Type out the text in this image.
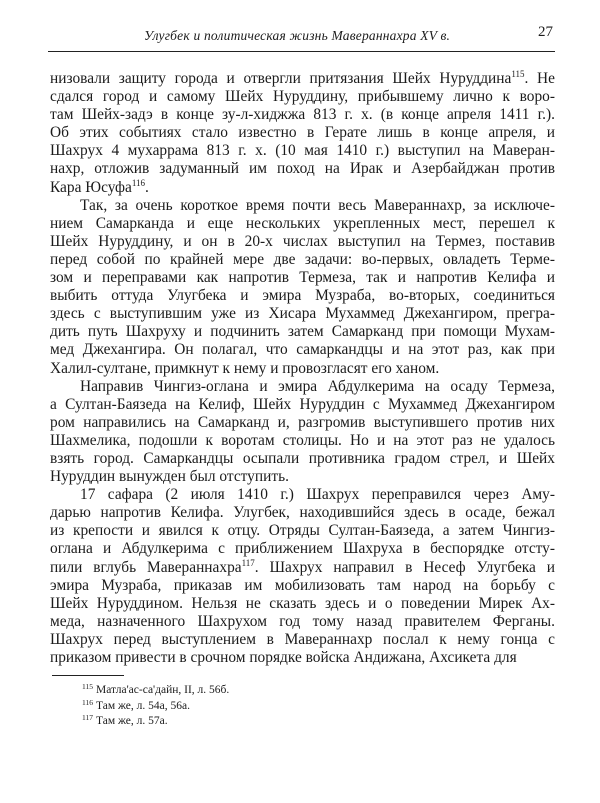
Улугбек и политическая жизнь Мавераннахра XV в.	27
низовали защиту города и отвергли притязания Шейх Нуруддина$^{115}$. Не
сдался город и самому Шейх Нуруддину, прибывшему лично к воро-
там Шейх-задэ в конце зу-л-хиджжа 813 г. х. (в конце апреля 1411 г.).
Об этих событиях стало известно в Герате лишь в конце апреля, и
Шахрух 4 мухаррама 813 г. х. (10 мая 1410 г.) выступил на Маверан-
нахр, отложив задуманный им поход на Ирак и Азербайджан против
Кара Юсуфа$^{116}$.
Так, за очень короткое время почти весь Мавераннахр, за исключе-
нием Самарканда и еще нескольких укрепленных мест, перешел к
Шейх Нуруддину, и он в 20-х числах выступил на Термез, поставив
перед собой по крайней мере две задачи: во-первых, овладеть Терме-
зом и переправами как напротив Термеза, так и напротив Келифа и
выбить оттуда Улугбека и эмира Музраба, во-вторых, соединиться
здесь с выступившим уже из Хисара Мухаммед Джехангиром, прегра-
дить путь Шахруху и подчинить затем Самарканд при помощи Мухам-
мед Джехангира. Он полагал, что самаркандцы и на этот раз, как при
Халил-султане, примкнут к нему и провозгласят его ханом.
Направив Чингиз-оглана и эмира Абдулкерима на осаду Термеза,
а Султан-Баязеда на Келиф, Шейх Нуруддин с Мухаммед Джехангиром
ром направились на Самарканд и, разгромив выступившего против них
Шахмелика, подошли к воротам столицы. Но и на этот раз не удалось
взять город. Самаркандцы осыпали противника градом стрел, и Шейх
Нуруддин вынужден был отступить.
17 сафара (2 июля 1410 г.) Шахрух переправился через Аму-
дарью напротив Келифа. Улугбек, находившийся здесь в осаде, бежал
из крепости и явился к отцу. Отряды Султан-Баязеда, а затем Чингиз-
оглана и Абдулкерима с приближением Шахруха в беспорядке отсту-
пили вглубь Мавераннахра$^{117}$. Шахрух направил в Несеф Улугбека и
эмира Музраба, приказав им мобилизовать там народ на борьбу с
Шейх Нуруддином. Нельзя не сказать здесь и о поведении Мирек Ах-
меда, назначенного Шахрухом год тому назад правителем Ферганы.
Шахрух перед выступлением в Мавераннахр послал к нему гонца с
приказом привести в срочном порядке войска Андижана, Ахсикета для
$^{115}$ Матла'ас-са'дайн, II, л. 56б.
$^{116}$ Там же, л. 54а, 56а.
$^{117}$ Там же, л. 57а.
